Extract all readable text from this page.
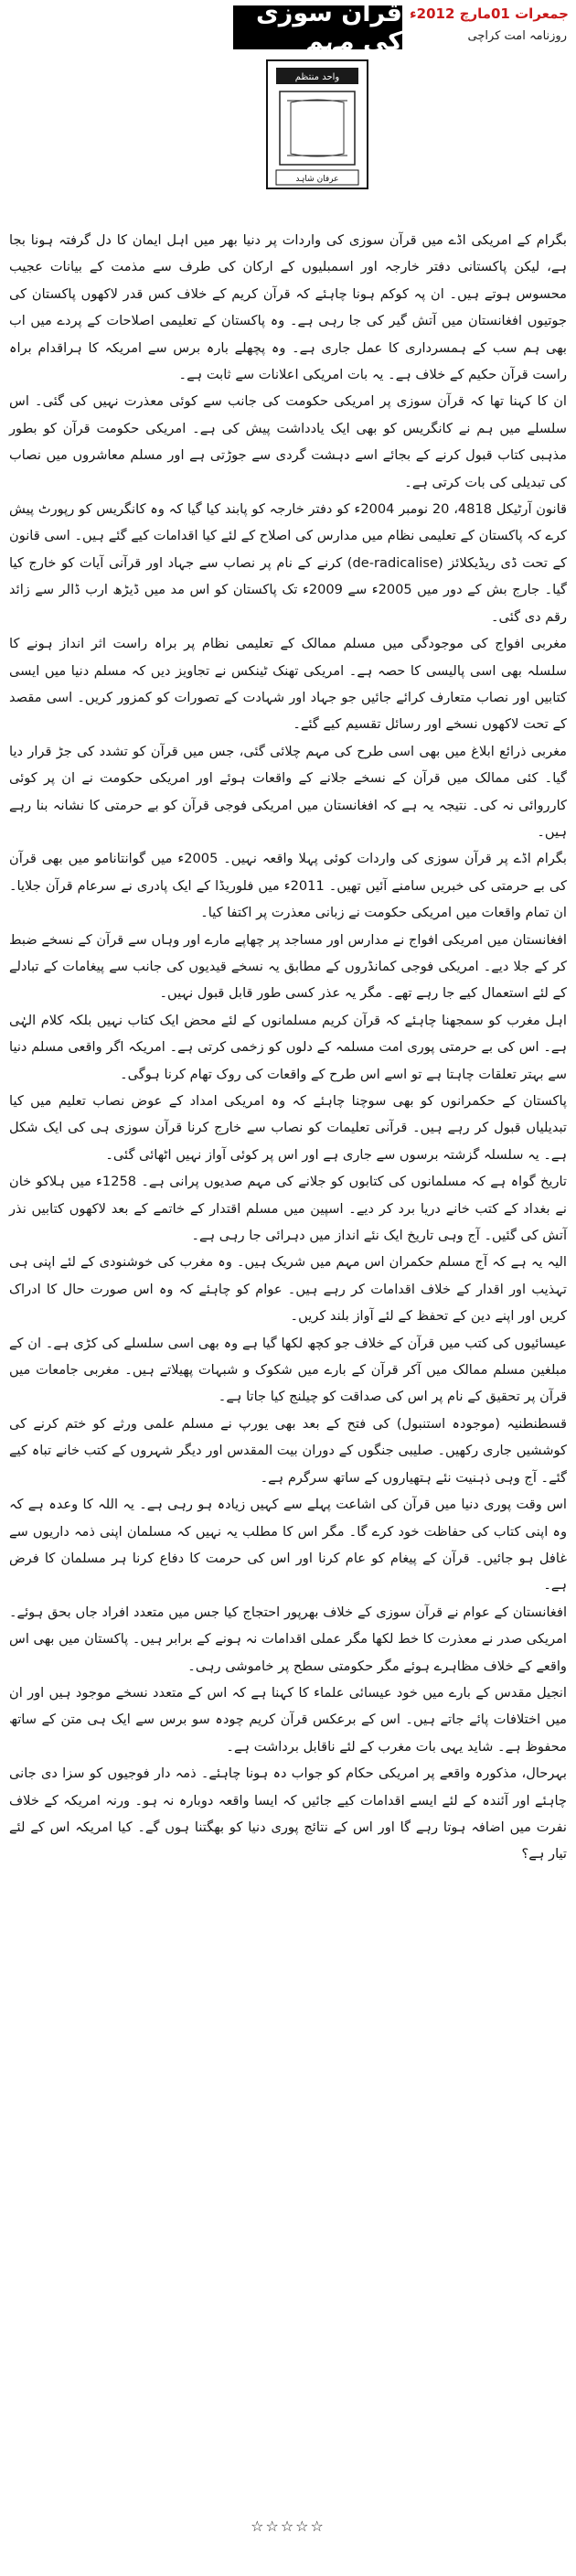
جمعرات 01مارچ 2012ء
روزنامہ امت کراچی
قرآن سوزی کی مہم
واحد منتظم
عرفان شاہد

بگرام کے امریکی اڈے میں قرآن سوزی کی واردات پر دنیا بھر میں اہل ایمان کا دل گرفتہ ہونا بجا ہے، لیکن پاکستانی دفتر خارجہ اور اسمبلیوں کے ارکان کی طرف سے مذمت کے بیانات عجیب محسوس ہوتے ہیں۔ ان پہ کوکم ہونا چاہئے کہ قرآن کریم کے خلاف کس قدر لاکھوں پاکستان کی جوتیوں افغانستان میں آتش گیر کی جا رہی ہے۔ وہ پاکستان کے تعلیمی اصلاحات کے پردے میں اب بھی ہم سب کے ہمسرداری کا عمل جاری ہے۔ وہ پچھلے بارہ برس سے امریکہ کا ہراقدام براہ راست قرآن حکیم کے خلاف ہے۔ یہ بات امریکی اعلانات سے ثابت ہے۔

ان کا کہنا تھا کہ قرآن سوزی پر امریکی حکومت کی جانب سے کوئی معذرت نہیں کی گئی۔ اس سلسلے میں ہم نے کانگریس کو بھی ایک یادداشت پیش کی ہے۔ امریکی حکومت قرآن کو بطور مذہبی کتاب قبول کرنے کے بجائے اسے دہشت گردی سے جوڑتی ہے اور مسلم معاشروں میں نصاب کی تبدیلی کی بات کرتی ہے۔

قانون آرٹیکل 4818، 20 نومبر 2004ء کو دفتر خارجہ کو پابند کیا گیا کہ وہ کانگریس کو رپورٹ پیش کرے کہ پاکستان کے تعلیمی نظام میں مدارس کی اصلاح کے لئے کیا اقدامات کیے گئے ہیں۔ اسی قانون کے تحت ڈی ریڈیکلائز (de-radicalise) کرنے کے نام پر نصاب سے جہاد اور قرآنی آیات کو خارج کیا گیا۔ جارج بش کے دور میں 2005ء سے 2009ء تک پاکستان کو اس مد میں ڈیڑھ ارب ڈالر سے زائد رقم دی گئی۔

مغربی افواج کی موجودگی میں مسلم ممالک کے تعلیمی نظام پر براہ راست اثر انداز ہونے کا سلسلہ بھی اسی پالیسی کا حصہ ہے۔ امریکی تھنک ٹینکس نے تجاویز دیں کہ مسلم دنیا میں ایسی کتابیں اور نصاب متعارف کرائے جائیں جو جہاد اور شہادت کے تصورات کو کمزور کریں۔ اسی مقصد کے تحت لاکھوں نسخے اور رسائل تقسیم کیے گئے۔

مغربی ذرائع ابلاغ میں بھی اسی طرح کی مہم چلائی گئی، جس میں قرآن کو تشدد کی جڑ قرار دیا گیا۔ کئی ممالک میں قرآن کے نسخے جلانے کے واقعات ہوئے اور امریکی حکومت نے ان پر کوئی کارروائی نہ کی۔ نتیجہ یہ ہے کہ افغانستان میں امریکی فوجی قرآن کو بے حرمتی کا نشانہ بنا رہے ہیں۔

بگرام اڈے پر قرآن سوزی کی واردات کوئی پہلا واقعہ نہیں۔ 2005ء میں گوانتانامو میں بھی قرآن کی بے حرمتی کی خبریں سامنے آئیں تھیں۔ 2011ء میں فلوریڈا کے ایک پادری نے سرعام قرآن جلایا۔ ان تمام واقعات میں امریکی حکومت نے زبانی معذرت پر اکتفا کیا۔

افغانستان میں امریکی افواج نے مدارس اور مساجد پر چھاپے مارے اور وہاں سے قرآن کے نسخے ضبط کر کے جلا دیے۔ امریکی فوجی کمانڈروں کے مطابق یہ نسخے قیدیوں کی جانب سے پیغامات کے تبادلے کے لئے استعمال کیے جا رہے تھے۔ مگر یہ عذر کسی طور قابل قبول نہیں۔

اہل مغرب کو سمجھنا چاہئے کہ قرآن کریم مسلمانوں کے لئے محض ایک کتاب نہیں بلکہ کلام الہٰی ہے۔ اس کی بے حرمتی پوری امت مسلمہ کے دلوں کو زخمی کرتی ہے۔ امریکہ اگر واقعی مسلم دنیا سے بہتر تعلقات چاہتا ہے تو اسے اس طرح کے واقعات کی روک تھام کرنا ہوگی۔

پاکستان کے حکمرانوں کو بھی سوچنا چاہئے کہ وہ امریکی امداد کے عوض نصاب تعلیم میں کیا تبدیلیاں قبول کر رہے ہیں۔ قرآنی تعلیمات کو نصاب سے خارج کرنا قرآن سوزی ہی کی ایک شکل ہے۔ یہ سلسلہ گزشتہ برسوں سے جاری ہے اور اس پر کوئی آواز نہیں اٹھائی گئی۔

تاریخ گواہ ہے کہ مسلمانوں کی کتابوں کو جلانے کی مہم صدیوں پرانی ہے۔ 1258ء میں ہلاکو خان نے بغداد کے کتب خانے دریا برد کر دیے۔ اسپین میں مسلم اقتدار کے خاتمے کے بعد لاکھوں کتابیں نذر آتش کی گئیں۔ آج وہی تاریخ ایک نئے انداز میں دہرائی جا رہی ہے۔

الیہ یہ ہے کہ آج مسلم حکمران اس مہم میں شریک ہیں۔ وہ مغرب کی خوشنودی کے لئے اپنی ہی تہذیب اور اقدار کے خلاف اقدامات کر رہے ہیں۔ عوام کو چاہئے کہ وہ اس صورت حال کا ادراک کریں اور اپنے دین کے تحفظ کے لئے آواز بلند کریں۔

عیسائیوں کی کتب میں قرآن کے خلاف جو کچھ لکھا گیا ہے وہ بھی اسی سلسلے کی کڑی ہے۔ ان کے مبلغین مسلم ممالک میں آکر قرآن کے بارے میں شکوک و شبہات پھیلاتے ہیں۔ مغربی جامعات میں قرآن پر تحقیق کے نام پر اس کی صداقت کو چیلنج کیا جاتا ہے۔

قسطنطنیہ (موجودہ استنبول) کی فتح کے بعد بھی یورپ نے مسلم علمی ورثے کو ختم کرنے کی کوششیں جاری رکھیں۔ صلیبی جنگوں کے دوران بیت المقدس اور دیگر شہروں کے کتب خانے تباہ کیے گئے۔ آج وہی ذہنیت نئے ہتھیاروں کے ساتھ سرگرم ہے۔

اس وقت پوری دنیا میں قرآن کی اشاعت پہلے سے کہیں زیادہ ہو رہی ہے۔ یہ اللہ کا وعدہ ہے کہ وہ اپنی کتاب کی حفاظت خود کرے گا۔ مگر اس کا مطلب یہ نہیں کہ مسلمان اپنی ذمہ داریوں سے غافل ہو جائیں۔ قرآن کے پیغام کو عام کرنا اور اس کی حرمت کا دفاع کرنا ہر مسلمان کا فرض ہے۔

افغانستان کے عوام نے قرآن سوزی کے خلاف بھرپور احتجاج کیا جس میں متعدد افراد جاں بحق ہوئے۔ امریکی صدر نے معذرت کا خط لکھا مگر عملی اقدامات نہ ہونے کے برابر ہیں۔ پاکستان میں بھی اس واقعے کے خلاف مظاہرے ہوئے مگر حکومتی سطح پر خاموشی رہی۔

انجیل مقدس کے بارے میں خود عیسائی علماء کا کہنا ہے کہ اس کے متعدد نسخے موجود ہیں اور ان میں اختلافات پائے جاتے ہیں۔ اس کے برعکس قرآن کریم چودہ سو برس سے ایک ہی متن کے ساتھ محفوظ ہے۔ شاید یہی بات مغرب کے لئے ناقابل برداشت ہے۔

بہرحال، مذکورہ واقعے پر امریکی حکام کو جواب دہ ہونا چاہئے۔ ذمہ دار فوجیوں کو سزا دی جانی چاہئے اور آئندہ کے لئے ایسے اقدامات کیے جائیں کہ ایسا واقعہ دوبارہ نہ ہو۔ ورنہ امریکہ کے خلاف نفرت میں اضافہ ہوتا رہے گا اور اس کے نتائج پوری دنیا کو بھگتنا ہوں گے۔ کیا امریکہ اس کے لئے تیار ہے؟

☆☆☆☆☆
